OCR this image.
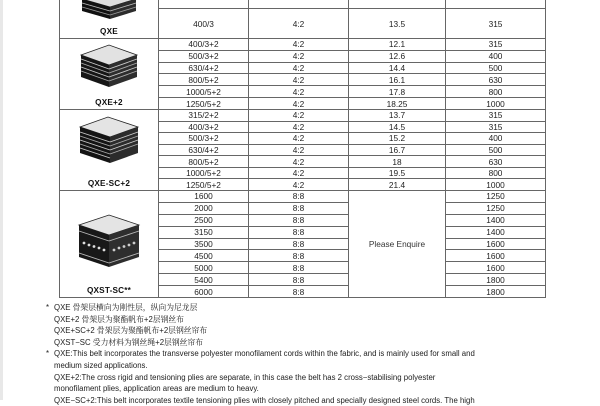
QXE				

	400/3	4:2	13.5	315

QXE+2	400/3+2	4:2	12.1	315
	500/3+2	4:2	12.6	400
	630/4+2	4:2	14.4	500
	800/5+2	4:2	16.1	630
	1000/5+2	4:2	17.8	800
	1250/5+2	4:2	18.25	1000

QXE-SC+2	315/2+2	4:2	13.7	315
	400/3+2	4:2	14.5	315
	500/3+2	4:2	15.2	400
	630/4+2	4:2	16.7	500
	800/5+2	4:2	18	630
	1000/5+2	4:2	19.5	800
	1250/5+2	4:2	21.4	1000

QXST-SC**	1600	8:8	Please Enquire	1250
	2000	8:8		1250
	2500	8:8		1400
	3150	8:8		1400
	3500	8:8		1600
	4500	8:8		1600
	5000	8:8		1600
	5400	8:8		1800
	6000	8:8		1800
* QXE 骨架层横向为刚性层，纵向为尼龙层
QXE+2 骨架层为聚酯帆布+2层钢丝布
QXE+SC+2 骨架层为聚酯帆布+2层钢丝帘布
QXST−SC 受力材料为钢丝绳+2层钢丝帘布
* QXE:This belt incorporates the transverse polyester monofilament cords within the fabric, and is mainly used for small and
medium sized applications.
QXE+2:The cross rigid and tensioning plies are separate, in this case the belt has 2 cross−stabilising polyester
monofilament plies, application areas are medium to heavy.
QXE−SC+2:This belt incorporates textile tensioning plies with closely pitched and specially designed steel cords. The high
